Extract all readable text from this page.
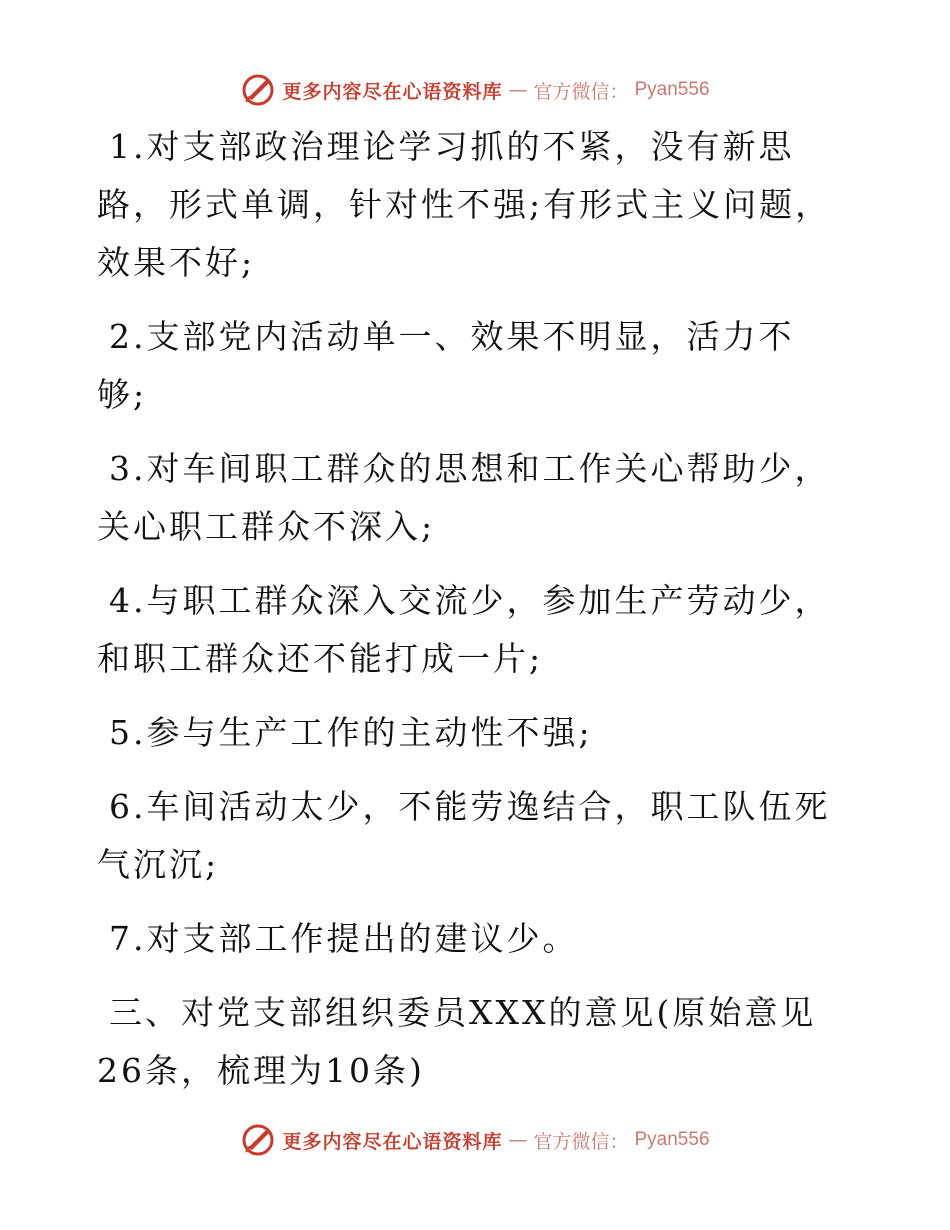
更多内容尽在心语资料库 — 官方微信： Pyan556

1.对支部政治理论学习抓的不紧，没有新思路，形式单调，针对性不强;有形式主义问题，效果不好;

2.支部党内活动单一、效果不明显，活力不够;

3.对车间职工群众的思想和工作关心帮助少，关心职工群众不深入;

4.与职工群众深入交流少，参加生产劳动少，和职工群众还不能打成一片;

5.参与生产工作的主动性不强;

6.车间活动太少，不能劳逸结合，职工队伍死气沉沉;

7.对支部工作提出的建议少。

三、对党支部组织委员XXX的意见(原始意见26条，梳理为10条)

更多内容尽在心语资料库 — 官方微信： Pyan556
